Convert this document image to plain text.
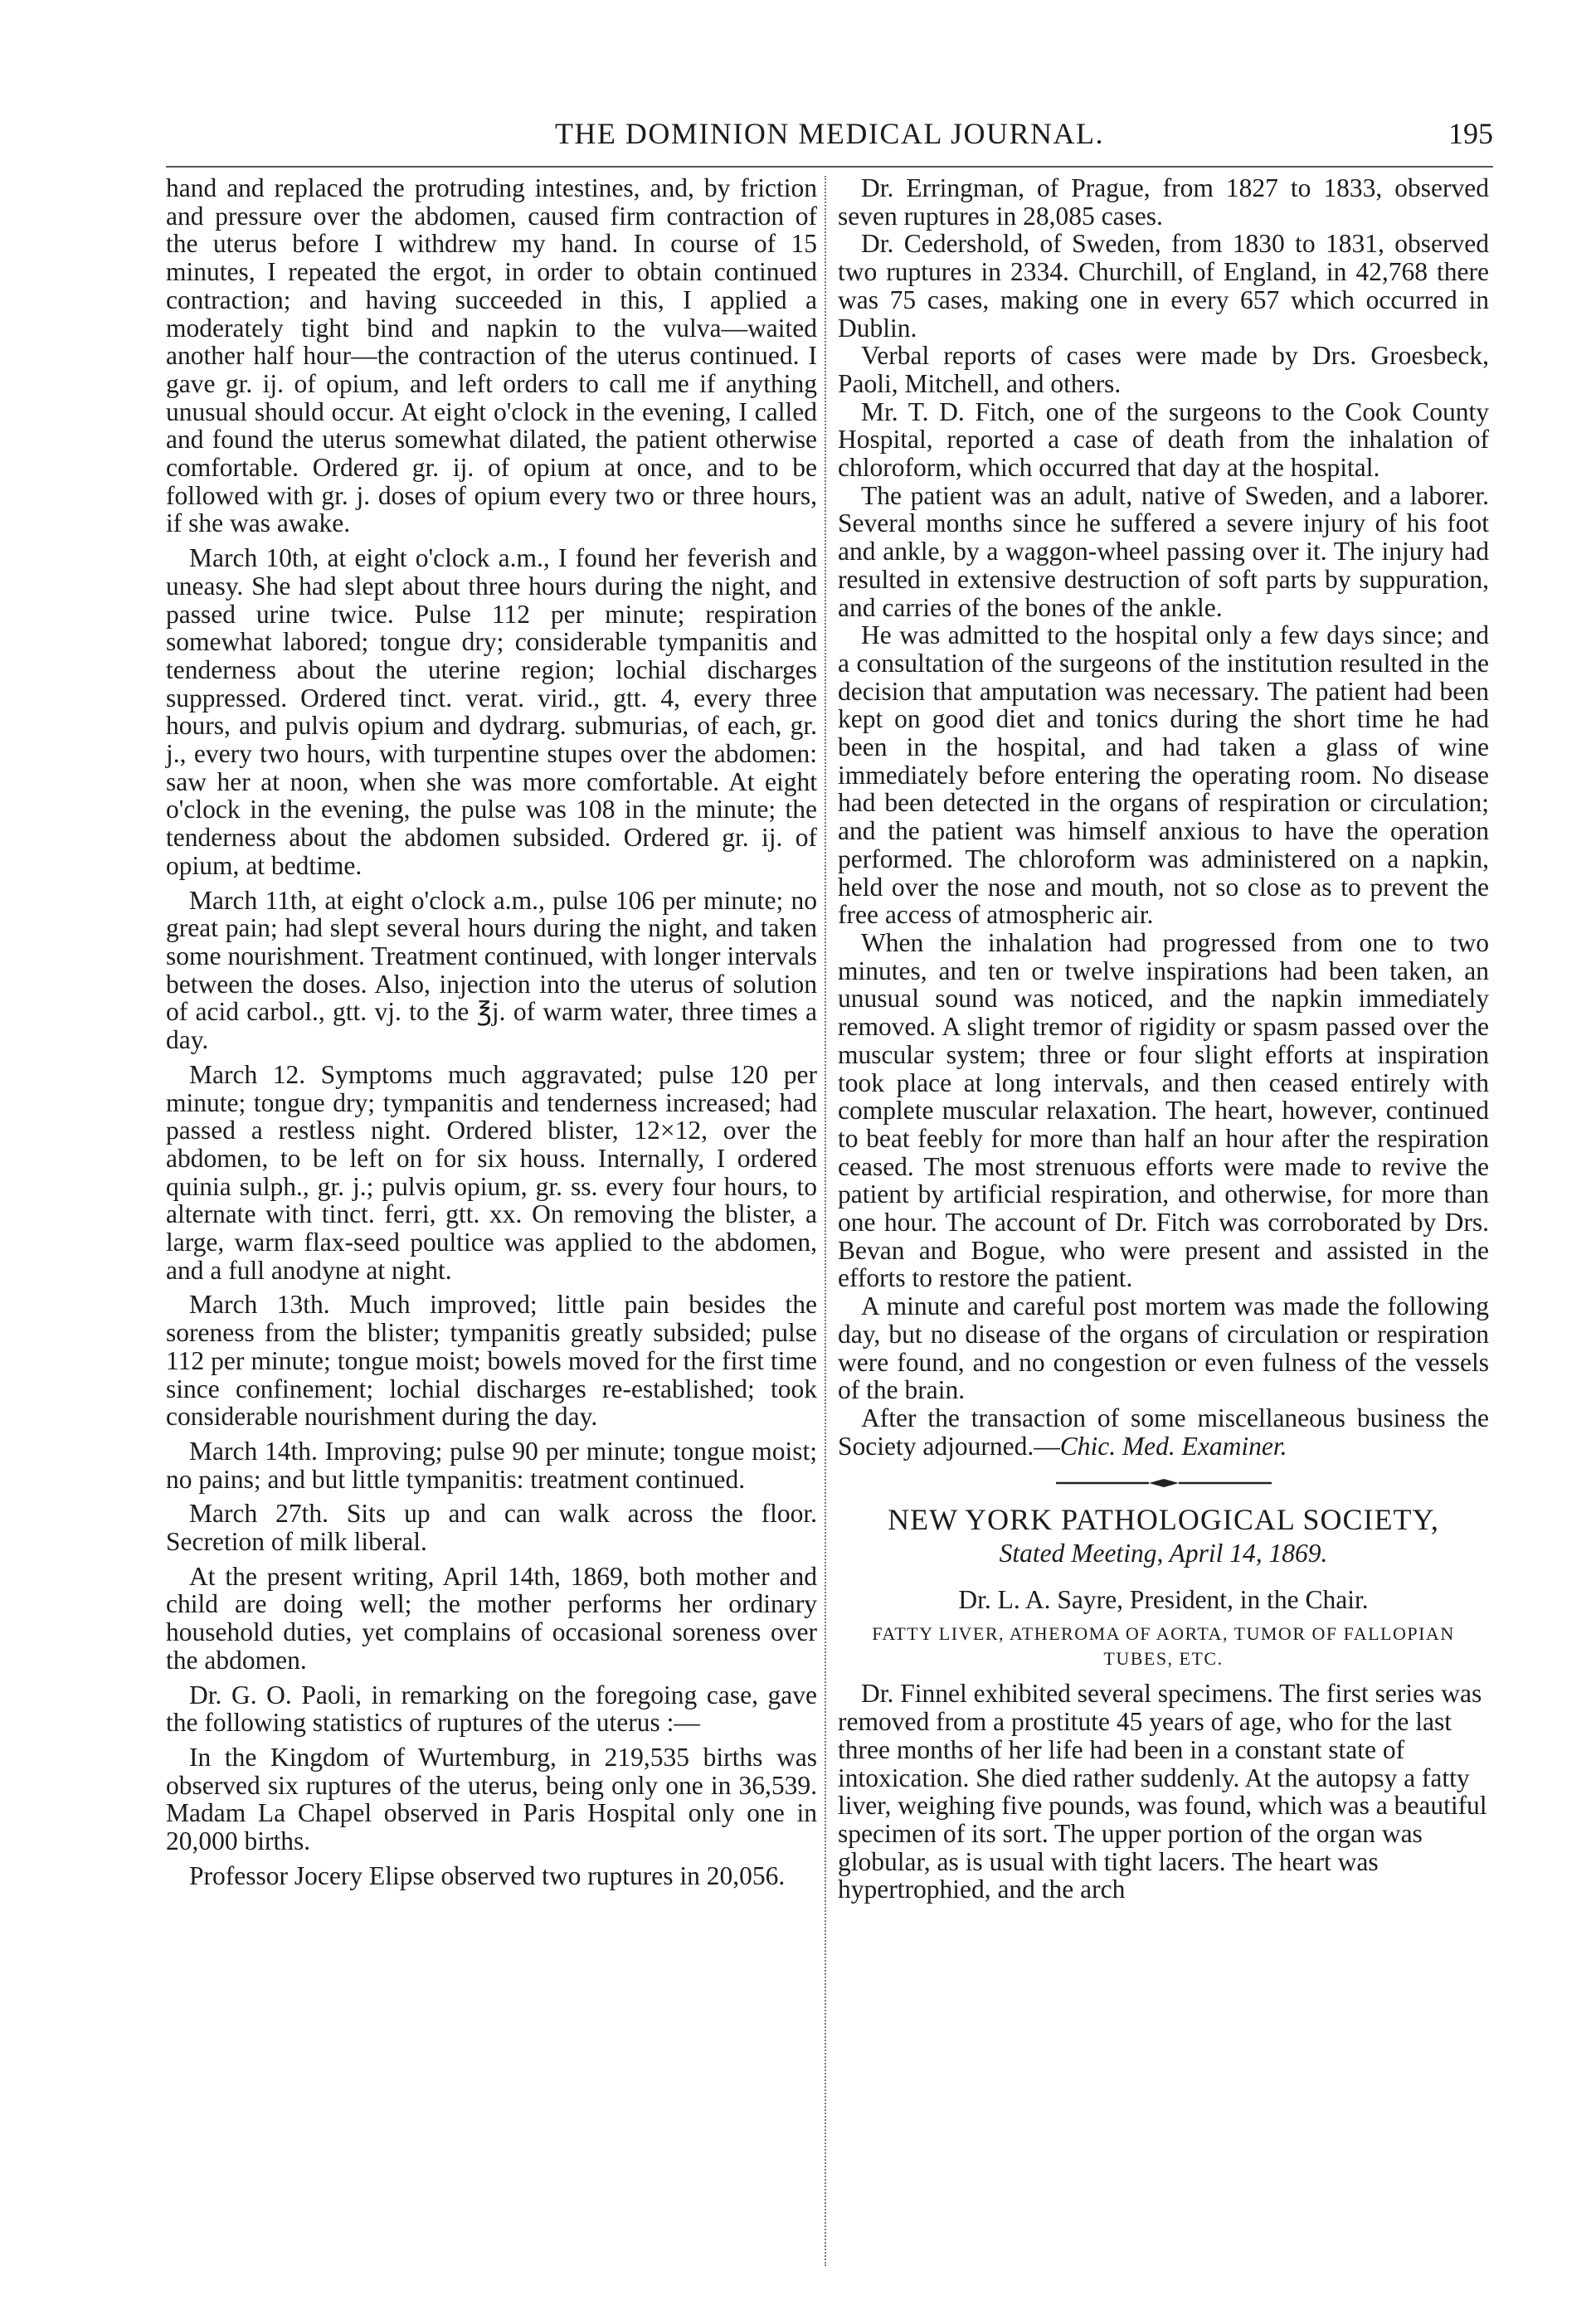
THE DOMINION MEDICAL JOURNAL.	195

hand and replaced the protruding intestines, and, by friction and pressure over the abdomen, caused firm contraction of the uterus before I withdrew my hand. In course of 15 minutes, I repeated the ergot, in order to obtain continued contraction; and having succeeded in this, I applied a moderately tight bind and napkin to the vulva—waited another half hour—the contraction of the uterus continued. I gave gr. ij. of opium, and left orders to call me if anything unusual should occur. At eight o'clock in the evening, I called and found the uterus somewhat dilated, the patient otherwise comfortable. Ordered gr. ij. of opium at once, and to be followed with gr. j. doses of opium every two or three hours, if she was awake.

March 10th, at eight o'clock a.m., I found her feverish and uneasy. She had slept about three hours during the night, and passed urine twice. Pulse 112 per minute; respiration somewhat labored; tongue dry; considerable tympanitis and tenderness about the uterine region; lochial discharges suppressed. Ordered tinct. verat. virid., gtt. 4, every three hours, and pulvis opium and dydrarg. submurias, of each, gr. j., every two hours, with turpentine stupes over the abdomen: saw her at noon, when she was more comfortable. At eight o'clock in the evening, the pulse was 108 in the minute; the tenderness about the abdomen subsided. Ordered gr. ij. of opium, at bedtime.

March 11th, at eight o'clock a.m., pulse 106 per minute; no great pain; had slept several hours during the night, and taken some nourishment. Treatment continued, with longer intervals between the doses. Also, injection into the uterus of solution of acid carbol., gtt. vj. to the ℥j. of warm water, three times a day.

March 12. Symptoms much aggravated; pulse 120 per minute; tongue dry; tympanitis and tenderness increased; had passed a restless night. Ordered blister, 12×12, over the abdomen, to be left on for six houss. Internally, I ordered quinia sulph., gr. j.; pulvis opium, gr. ss. every four hours, to alternate with tinct. ferri, gtt. xx. On removing the blister, a large, warm flax-seed poultice was applied to the abdomen, and a full anodyne at night.

March 13th. Much improved; little pain besides the soreness from the blister; tympanitis greatly subsided; pulse 112 per minute; tongue moist; bowels moved for the first time since confinement; lochial discharges re-established; took considerable nourishment during the day.

March 14th. Improving; pulse 90 per minute; tongue moist; no pains; and but little tympanitis: treatment continued.

March 27th. Sits up and can walk across the floor. Secretion of milk liberal.

At the present writing, April 14th, 1869, both mother and child are doing well; the mother performs her ordinary household duties, yet complains of occasional soreness over the abdomen.

Dr. G. O. Paoli, in remarking on the foregoing case, gave the following statistics of ruptures of the uterus :—

In the Kingdom of Wurtemburg, in 219,535 births was observed six ruptures of the uterus, being only one in 36,539. Madam La Chapel observed in Paris Hospital only one in 20,000 births.

Professor Jocery Elipse observed two ruptures in 20,056.

Dr. Erringman, of Prague, from 1827 to 1833, observed seven ruptures in 28,085 cases.

Dr. Cedershold, of Sweden, from 1830 to 1831, observed two ruptures in 2334. Churchill, of England, in 42,768 there was 75 cases, making one in every 657 which occurred in Dublin.

Verbal reports of cases were made by Drs. Groesbeck, Paoli, Mitchell, and others.

Mr. T. D. Fitch, one of the surgeons to the Cook County Hospital, reported a case of death from the inhalation of chloroform, which occurred that day at the hospital.

The patient was an adult, native of Sweden, and a laborer. Several months since he suffered a severe injury of his foot and ankle, by a waggon-wheel passing over it. The injury had resulted in extensive destruction of soft parts by suppuration, and carries of the bones of the ankle.

He was admitted to the hospital only a few days since; and a consultation of the surgeons of the institution resulted in the decision that amputation was necessary. The patient had been kept on good diet and tonics during the short time he had been in the hospital, and had taken a glass of wine immediately before entering the operating room. No disease had been detected in the organs of respiration or circulation; and the patient was himself anxious to have the operation performed. The chloroform was administered on a napkin, held over the nose and mouth, not so close as to prevent the free access of atmospheric air.

When the inhalation had progressed from one to two minutes, and ten or twelve inspirations had been taken, an unusual sound was noticed, and the napkin immediately removed. A slight tremor of rigidity or spasm passed over the muscular system; three or four slight efforts at inspiration took place at long intervals, and then ceased entirely with complete muscular relaxation. The heart, however, continued to beat feebly for more than half an hour after the respiration ceased. The most strenuous efforts were made to revive the patient by artificial respiration, and otherwise, for more than one hour. The account of Dr. Fitch was corroborated by Drs. Bevan and Bogue, who were present and assisted in the efforts to restore the patient.

A minute and careful post mortem was made the following day, but no disease of the organs of circulation or respiration were found, and no congestion or even fulness of the vessels of the brain.

After the transaction of some miscellaneous business the Society adjourned.—Chic. Med. Examiner.

NEW YORK PATHOLOGICAL SOCIETY,
Stated Meeting, April 14, 1869.
Dr. L. A. Sayre, President, in the Chair.
FATTY LIVER, ATHEROMA OF AORTA, TUMOR OF FALLOPIAN TUBES, ETC.

Dr. Finnel exhibited several specimens. The first series was removed from a prostitute 45 years of age, who for the last three months of her life had been in a constant state of intoxication. She died rather suddenly. At the autopsy a fatty liver, weighing five pounds, was found, which was a beautiful specimen of its sort. The upper portion of the organ was globular, as is usual with tight lacers. The heart was hypertrophied, and the arch
